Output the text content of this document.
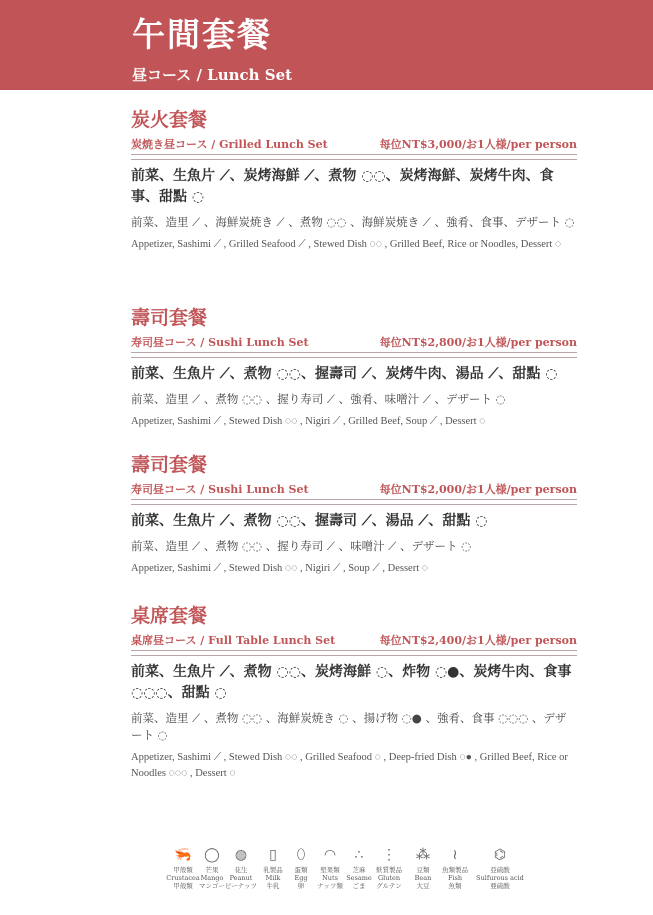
午間套餐
昼コース / Lunch Set
炭火套餐
炭焼き昼コース / Grilled Lunch Set	每位NT$3,000/お1人様/per person
前菜、生魚片 ⟋、炭烤海鮮 ⟋、煮物 ◌◌、炭烤海鮮、炭烤牛肉、食事、甜點 ◌
前菜、造里 ⟋ 、海鮮炭焼き ⟋ 、煮物 ◌◌ 、海鮮炭焼き ⟋ 、強肴、食事、デザート ◌
Appetizer, Sashimi ⟋ , Grilled Seafood ⟋ , Stewed Dish ◌◌ , Grilled Beef, Rice or Noodles, Dessert ◌
壽司套餐
寿司昼コース / Sushi Lunch Set	每位NT$2,800/お1人様/per person
前菜、生魚片 ⟋、煮物 ◌◌、握壽司 ⟋、炭烤牛肉、湯品 ⟋、甜點 ◌
前菜、造里 ⟋ 、煮物 ◌◌ 、握り寿司 ⟋ 、強肴、味噌汁 ⟋ 、デザート ◌
Appetizer, Sashimi ⟋ , Stewed Dish ◌◌ , Nigiri ⟋ , Grilled Beef, Soup ⟋ , Dessert ◌
壽司套餐
寿司昼コース / Sushi Lunch Set	每位NT$2,000/お1人様/per person
前菜、生魚片 ⟋、煮物 ◌◌、握壽司 ⟋、湯品 ⟋、甜點 ◌
前菜、造里 ⟋ 、煮物 ◌◌ 、握り寿司 ⟋ 、味噌汁 ⟋ 、デザート ◌
Appetizer, Sashimi ⟋ , Stewed Dish ◌◌ , Nigiri ⟋ , Soup ⟋ , Dessert ◌
桌席套餐
桌席昼コース / Full Table Lunch Set	每位NT$2,400/お1人様/per person
前菜、生魚片 ⟋、煮物 ◌◌、炭烤海鮮 ◌、炸物 ◌●、炭烤牛肉、食事 ◌◌◌、甜點 ◌
前菜、造里 ⟋ 、煮物 ◌◌ 、海鮮炭焼き ◌ 、揚げ物 ◌● 、強肴、食事 ◌◌◌ 、デザート ◌
Appetizer, Sashimi ⟋ , Stewed Dish ◌◌ , Grilled Seafood ◌ , Deep-fried Dish ◌● , Grilled Beef, Rice or Noodles ◌◌◌ , Dessert ◌
🦐
甲殼類
Crustacea
甲殻類
◯
芒果
Mango
マンゴー
◍
花生
Peanut
ピーナッツ
▯
乳製品
Milk
牛乳
⬯
蛋類
Egg
卵
◠
堅果類
Nuts
ナッツ類
∴
芝麻
Sesame
ごま
⋮
麩質製品
Gluten
グルテン
⁂
豆類
Bean
大豆
≀
魚類製品
Fish
魚類
⌬
亞硫酸
Sulfurous acid
亜硫酸
